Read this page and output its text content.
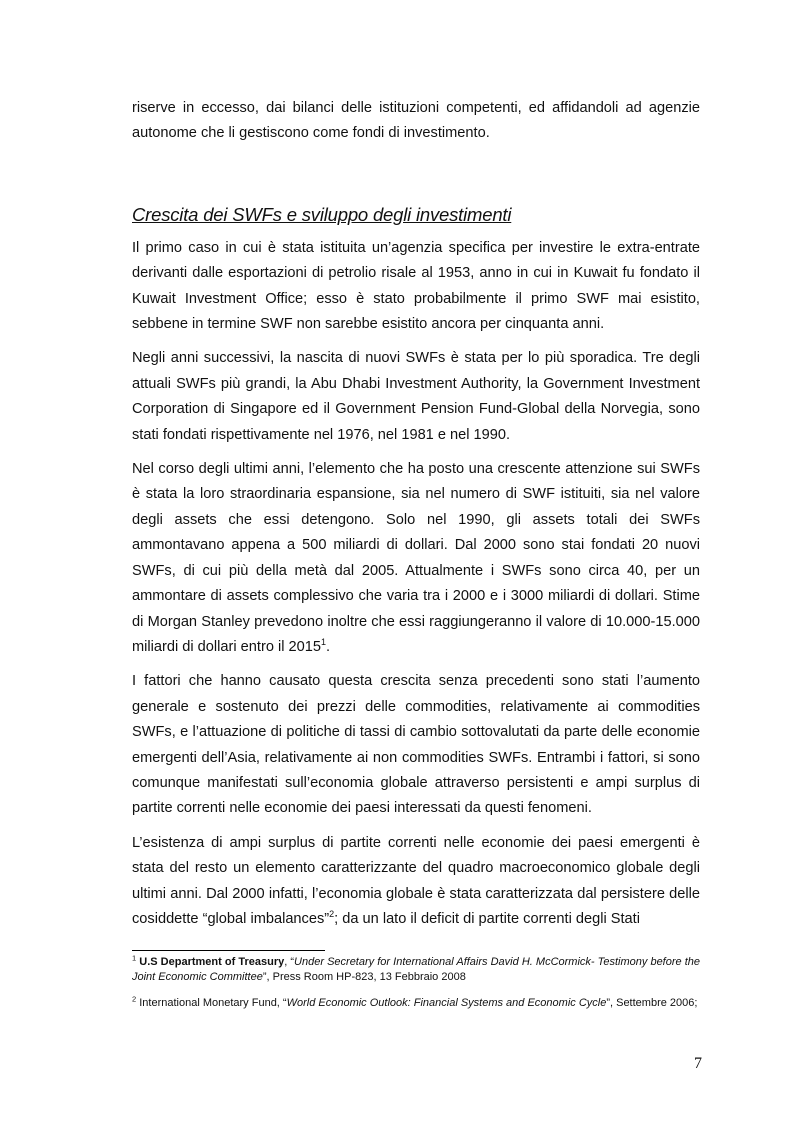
riserve in eccesso, dai bilanci delle istituzioni competenti, ed affidandoli ad agenzie autonome che li gestiscono come fondi di investimento.

Crescita dei SWFs e sviluppo degli investimenti

Il primo caso in cui è stata istituita un’agenzia specifica per investire le extra-entrate derivanti dalle esportazioni di petrolio risale al 1953, anno in cui in Kuwait fu fondato il Kuwait Investment Office; esso è stato probabilmente il primo SWF mai esistito, sebbene in termine SWF non sarebbe esistito ancora per cinquanta anni.

Negli anni successivi, la nascita di nuovi SWFs è stata per lo più sporadica. Tre degli attuali SWFs più grandi, la Abu Dhabi Investment Authority, la Government Investment Corporation di Singapore ed il Government Pension Fund-Global della Norvegia, sono stati fondati rispettivamente nel 1976, nel 1981 e nel 1990.

Nel corso degli ultimi anni, l’elemento che ha posto una crescente attenzione sui SWFs è stata la loro straordinaria espansione, sia nel numero di SWF istituiti, sia nel valore degli assets che essi detengono. Solo nel 1990, gli assets totali dei SWFs ammontavano appena a 500 miliardi di dollari. Dal 2000 sono stai fondati 20 nuovi SWFs, di cui più della metà dal 2005. Attualmente i SWFs sono circa 40, per un ammontare di assets complessivo che varia tra i 2000 e i 3000 miliardi di dollari. Stime di Morgan Stanley prevedono inoltre che essi raggiungeranno il valore di 10.000-15.000 miliardi di dollari entro il 2015$^1$.

I fattori che hanno causato questa crescita senza precedenti sono stati l’aumento generale e sostenuto dei prezzi delle commodities, relativamente ai commodities SWFs, e l’attuazione di politiche di tassi di cambio sottovalutati da parte delle economie emergenti dell’Asia, relativamente ai non commodities SWFs. Entrambi i fattori, si sono comunque manifestati sull’economia globale attraverso persistenti e ampi surplus di partite correnti nelle economie dei paesi interessati da questi fenomeni.

L’esistenza di ampi surplus di partite correnti nelle economie dei paesi emergenti è stata del resto un elemento caratterizzante del quadro macroeconomico globale degli ultimi anni. Dal 2000 infatti, l’economia globale è stata caratterizzata dal persistere delle cosiddette “global imbalances”$^2$; da un lato il deficit di partite correnti degli Stati

$^1$ U.S Department of Treasury, “Under Secretary for International Affairs David H. McCormick- Testimony before the Joint Economic Committee”, Press Room HP-823, 13 Febbraio 2008
$^2$ International Monetary Fund, “World Economic Outlook: Financial Systems and Economic Cycle”, Settembre 2006;
7
